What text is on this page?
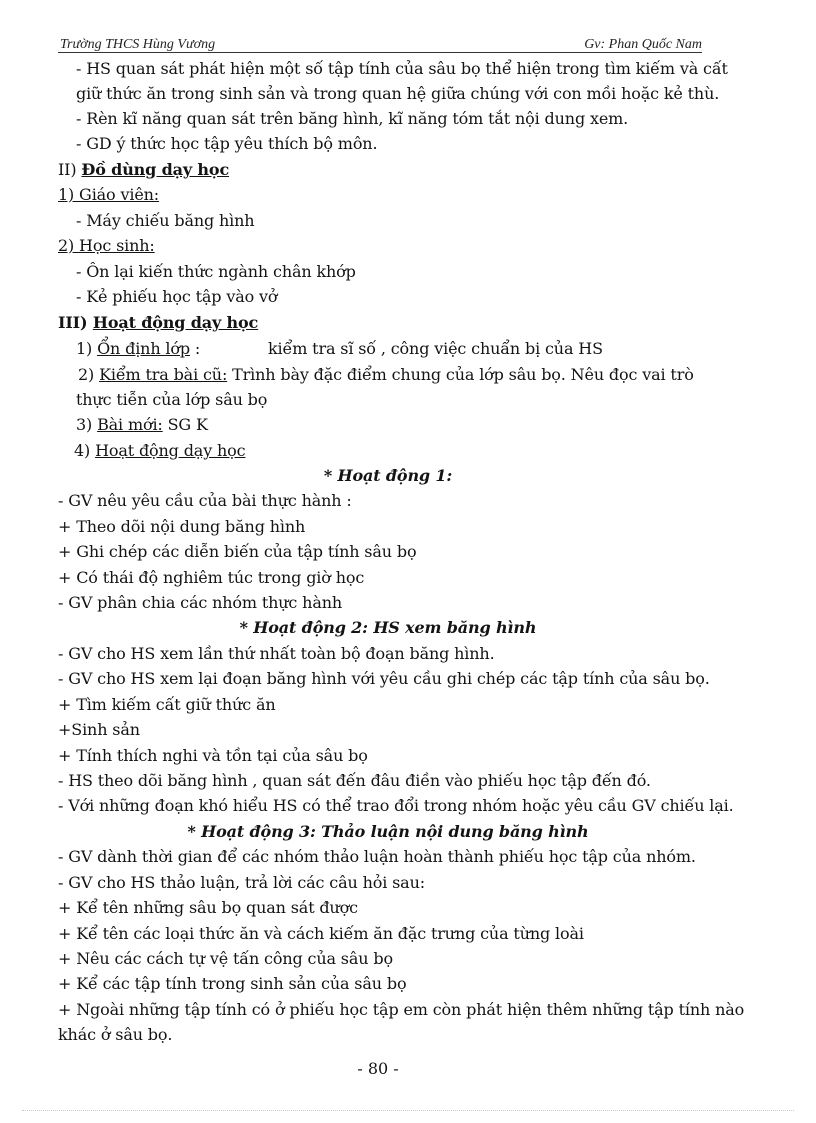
Trường THCS Hùng Vương	Gv: Phan Quốc Nam
- HS quan sát phát hiện một số tập tính của sâu bọ thể hiện trong tìm kiếm và cất
giữ thức ăn trong sinh sản và trong quan hệ giữa chúng với con mồi hoặc kẻ thù.
- Rèn kĩ năng quan sát trên băng hình, kĩ năng tóm tắt nội dung xem.
- GD ý thức học tập yêu thích bộ môn.
II) Đồ dùng dạy học
1) Giáo viên:
- Máy chiếu băng hình
2) Học sinh:
- Ôn lại kiến thức ngành chân khớp
- Kẻ phiếu học tập vào vở
III) Hoạt động dạy học
1) Ổn định lớp :	kiểm tra sĩ số , công việc chuẩn bị của HS
2) Kiểm tra bài cũ: Trình bày đặc điểm chung của lớp sâu bọ. Nêu đọc vai trò
thực tiễn của lớp sâu bọ
3) Bài mới: SG K
4) Hoạt động dạy học
* Hoạt động 1:
- GV nêu yêu cầu của bài thực hành :
+ Theo dõi nội dung băng hình
+ Ghi chép các diễn biến của tập tính sâu bọ
+ Có thái độ nghiêm túc trong giờ học
- GV phân chia các nhóm thực hành
* Hoạt động 2: HS xem băng hình
- GV cho HS xem lần thứ nhất toàn bộ đoạn băng hình.
- GV cho HS xem lại đoạn băng hình với yêu cầu ghi chép các tập tính của sâu bọ.
+ Tìm kiếm cất giữ thức ăn
+Sinh sản
+ Tính thích nghi và tồn tại của sâu bọ
- HS theo dõi băng hình , quan sát đến đâu điền vào phiếu học tập đến đó.
- Với những đoạn khó hiểu HS có thể trao đổi trong nhóm hoặc yêu cầu GV chiếu lại.
* Hoạt động 3: Thảo luận nội dung băng hình
- GV dành thời gian để các nhóm thảo luận hoàn thành phiếu học tập của nhóm.
- GV cho HS thảo luận, trả lời các câu hỏi sau:
+ Kể tên những sâu bọ quan sát được
+ Kể tên các loại thức ăn và cách kiếm ăn đặc trưng của từng loài
+ Nêu các cách tự vệ tấn công của sâu bọ
+ Kể các tập tính trong sinh sản của sâu bọ
+ Ngoài những tập tính có ở phiếu học tập em còn phát hiện thêm những tập tính nào
khác ở sâu bọ.
- 80 -
